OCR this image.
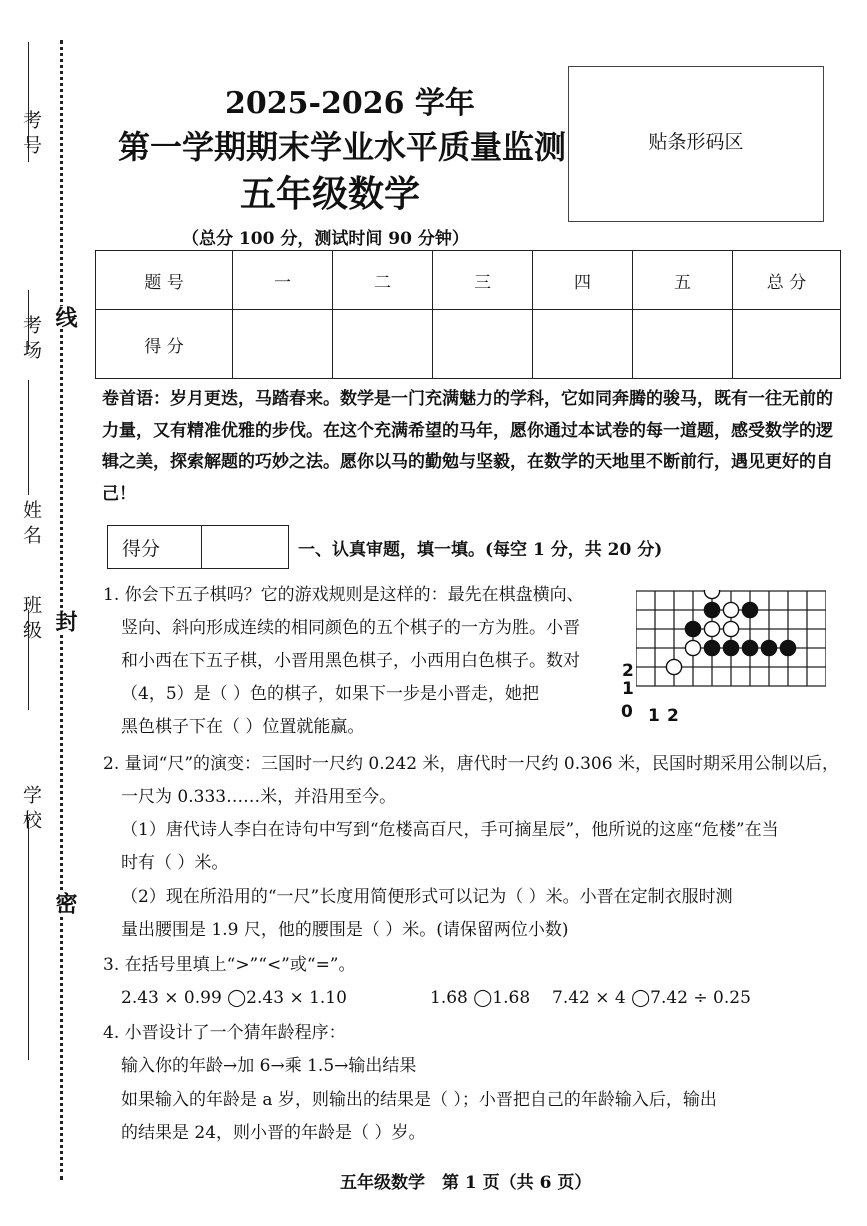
考号
考场
姓名
班级
学校
线
封
密
2025-2026 学年
第一学期期末学业水平质量监测
五年级数学
（总分 100 分，测试时间 90 分钟）
贴条形码区
题 号	一	二	三	四	五	总 分
得 分						
卷首语：岁月更迭，马踏春来。数学是一门充满魅力的学科，它如同奔腾的骏马，既有一往无前的力量，又有精准优雅的步伐。在这个充满希望的马年，愿你通过本试卷的每一道题，感受数学的逻辑之美，探索解题的巧妙之法。愿你以马的勤勉与坚毅，在数学的天地里不断前行，遇见更好的自己！
得分	一、认真审题，填一填。(每空 1 分，共 20 分)
1. 你会下五子棋吗？它的游戏规则是这样的：最先在棋盘横向、
竖向、斜向形成连续的相同颜色的五个棋子的一方为胜。小晋
和小西在下五子棋，小晋用黑色棋子，小西用白色棋子。数对
（4，5）是（ ）色的棋子，如果下一步是小晋走，她把
黑色棋子下在（ ）位置就能赢。
0 1 2
1
2
2. 量词“尺”的演变：三国时一尺约 0.242 米，唐代时一尺约 0.306 米，民国时期采用公制以后，
一尺为 0.333……米，并沿用至今。
（1）唐代诗人李白在诗句中写到“危楼高百尺，手可摘星辰”，他所说的这座“危楼”在当
时有（ ）米。
（2）现在所沿用的“一尺”长度用简便形式可以记为（ ）米。小晋在定制衣服时测
量出腰围是 1.9 尺，他的腰围是（ ）米。(请保留两位小数)
3. 在括号里填上“>”“<”或“=”。
2.43 × 0.99 ◯2.43 × 1.10	1.6̇8̇ ◯1.6̇8 7.42 × 4 ◯7.42 ÷ 0.25
4. 小晋设计了一个猜年龄程序：
输入你的年龄→加 6→乘 1.5→输出结果
如果输入的年龄是 a 岁，则输出的结果是（ ）；小晋把自己的年龄输入后，输出
的结果是 24，则小晋的年龄是（ ）岁。
五年级数学　第 1 页（共 6 页）
